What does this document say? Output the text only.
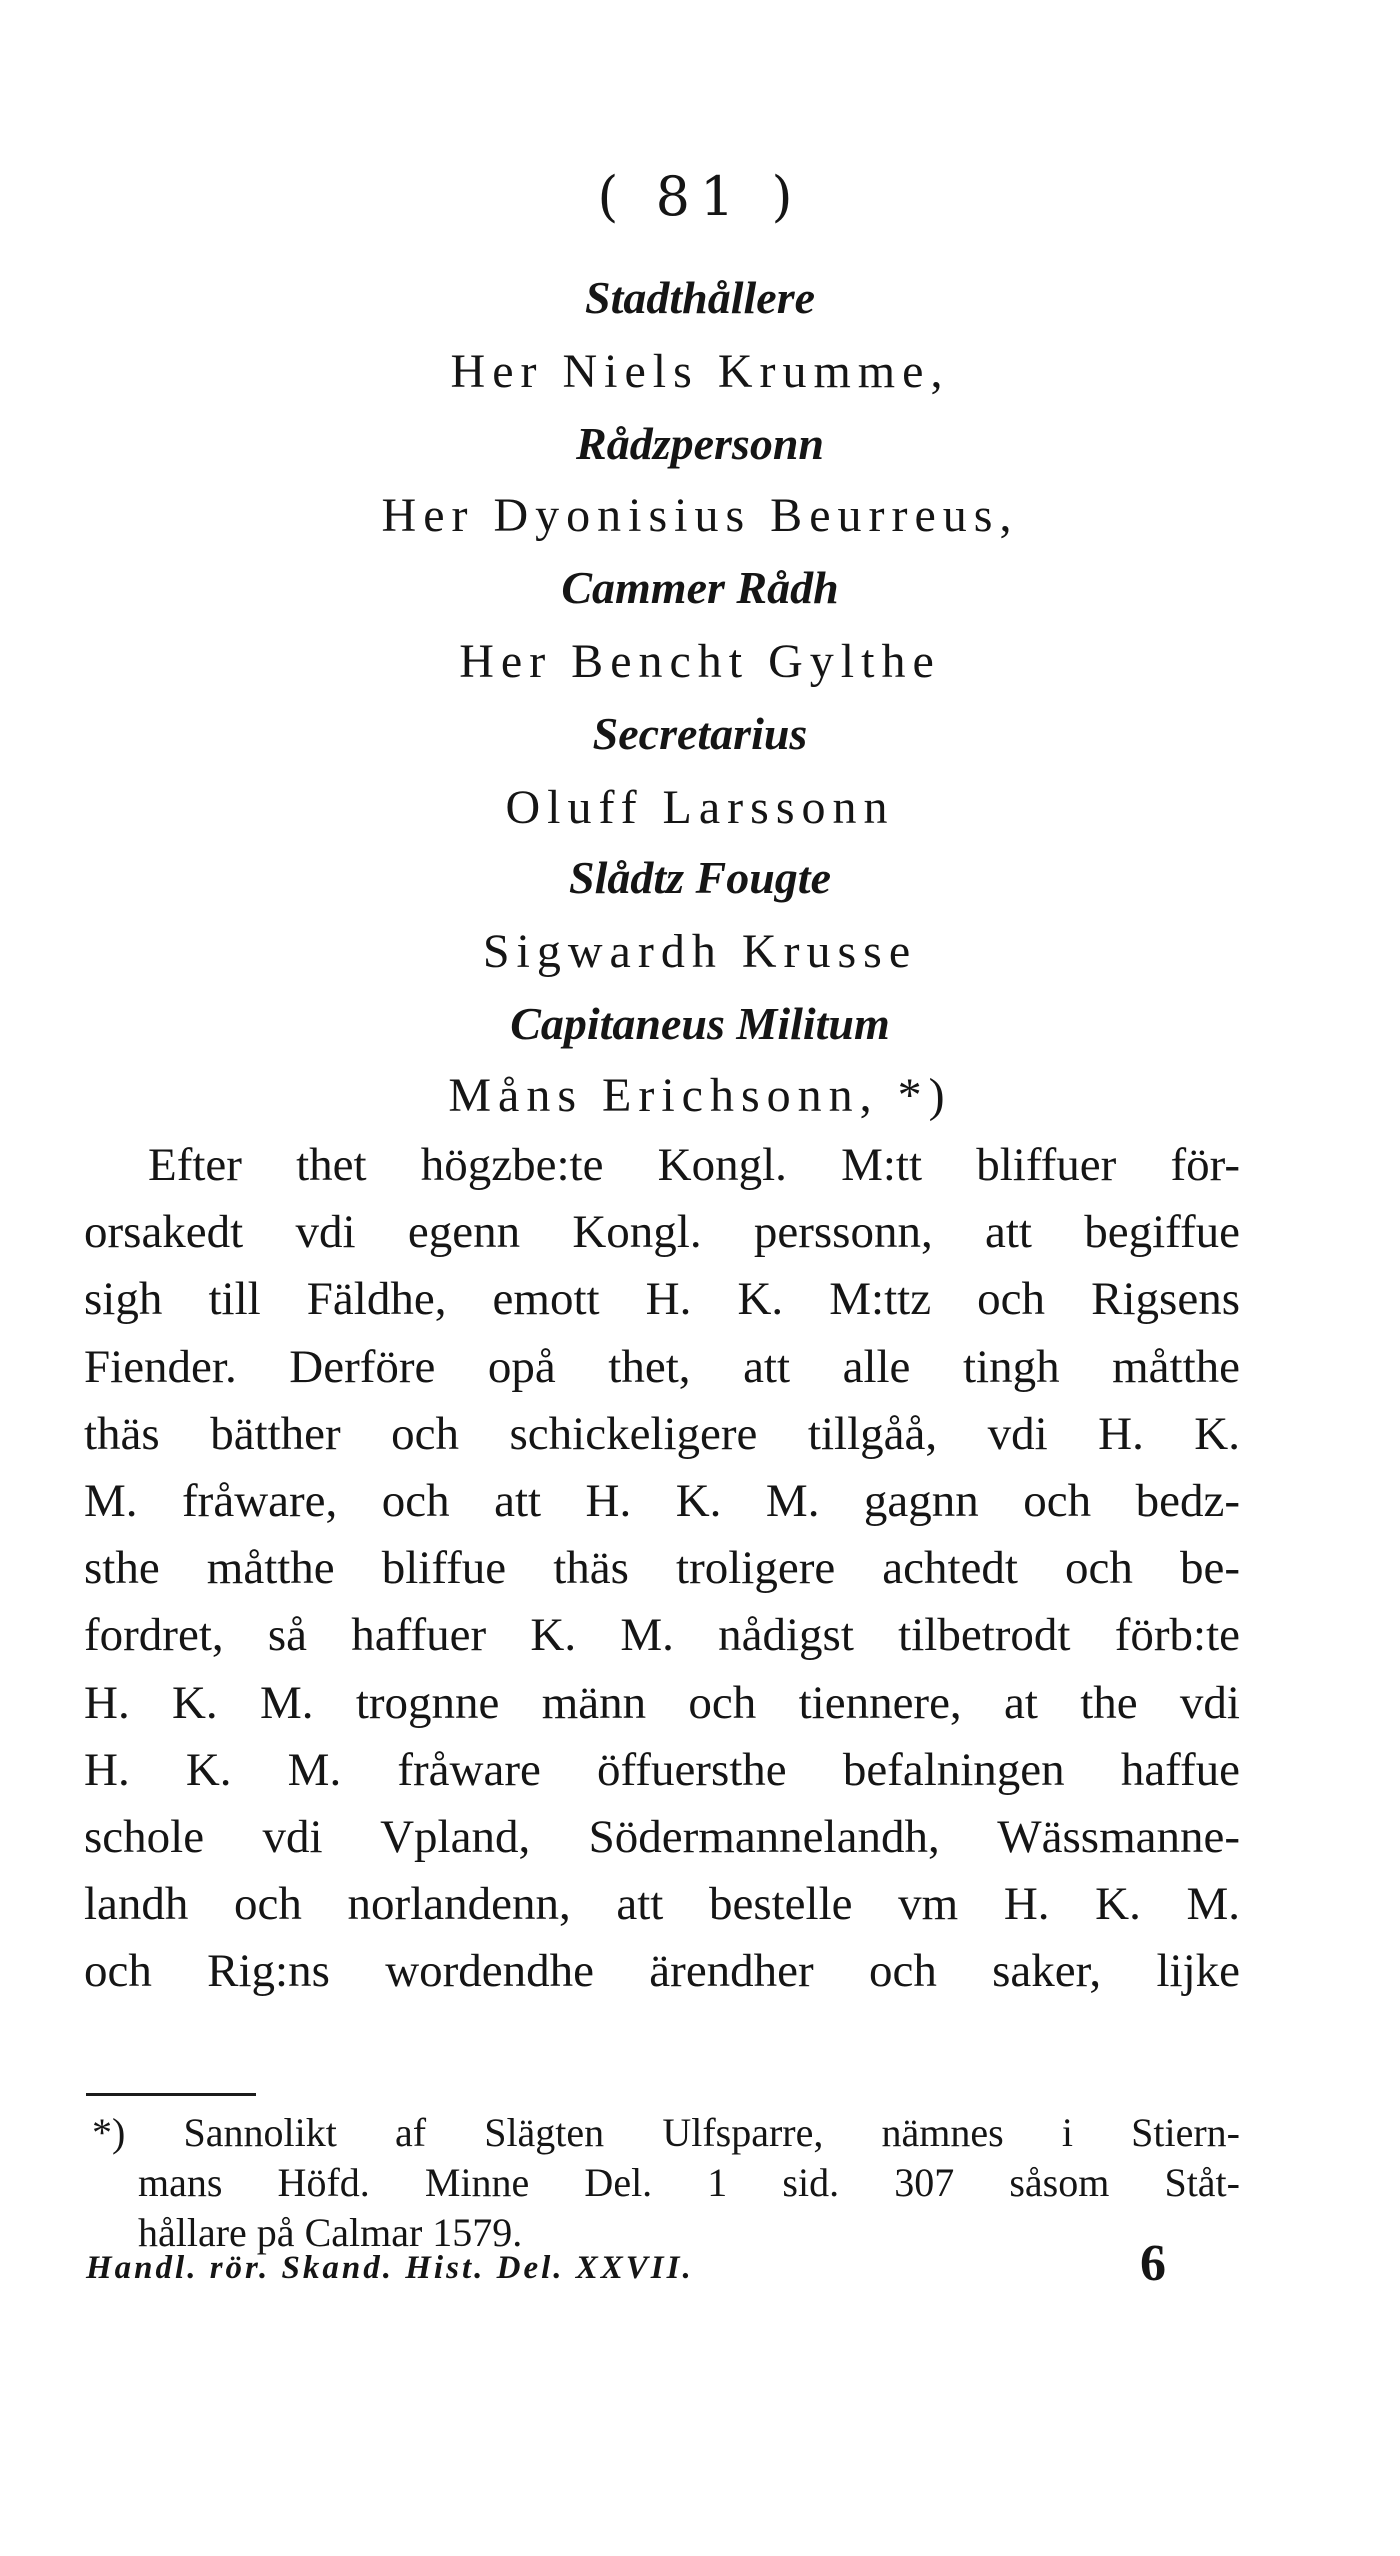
( 81 )
Stadthållere
Her Niels Krumme,
Rådzpersonn
Her Dyonisius Beurreus,
Cammer Rådh
Her Bencht Gylthe
Secretarius
Oluff Larssonn
Slådtz Fougte
Sigwardh Krusse
Capitaneus Militum
Måns Erichsonn, *)
Efter thet högzbe:te Kongl. M:tt bliffuer för-
orsakedt vdi egenn Kongl. perssonn, att begiffue
sigh till Fäldhe, emott H. K. M:ttz och Rigsens
Fiender. Derföre opå thet, att alle tingh måtthe
thäs bätther och schickeligere tillgåå, vdi H. K.
M. fråware, och att H. K. M. gagnn och bedz-
sthe måtthe bliffue thäs troligere achtedt och be-
fordret, så haffuer K. M. nådigst tilbetrodt förb:te
H. K. M. trognne männ och tiennere, at the vdi
H. K. M. fråware öffuersthe befalningen haffue
schole vdi Vpland, Södermannelandh, Wässmanne-
landh och norlandenn, att bestelle vm H. K. M.
och Rig:ns wordendhe ärendher och saker, lijke
*) Sannolikt af Slägten Ulfsparre, nämnes i Stiern-
mans Höfd. Minne Del. 1 sid. 307 såsom Ståt-
hållare på Calmar 1579.
Handl. rör. Skand. Hist. Del. XXVII.	6
